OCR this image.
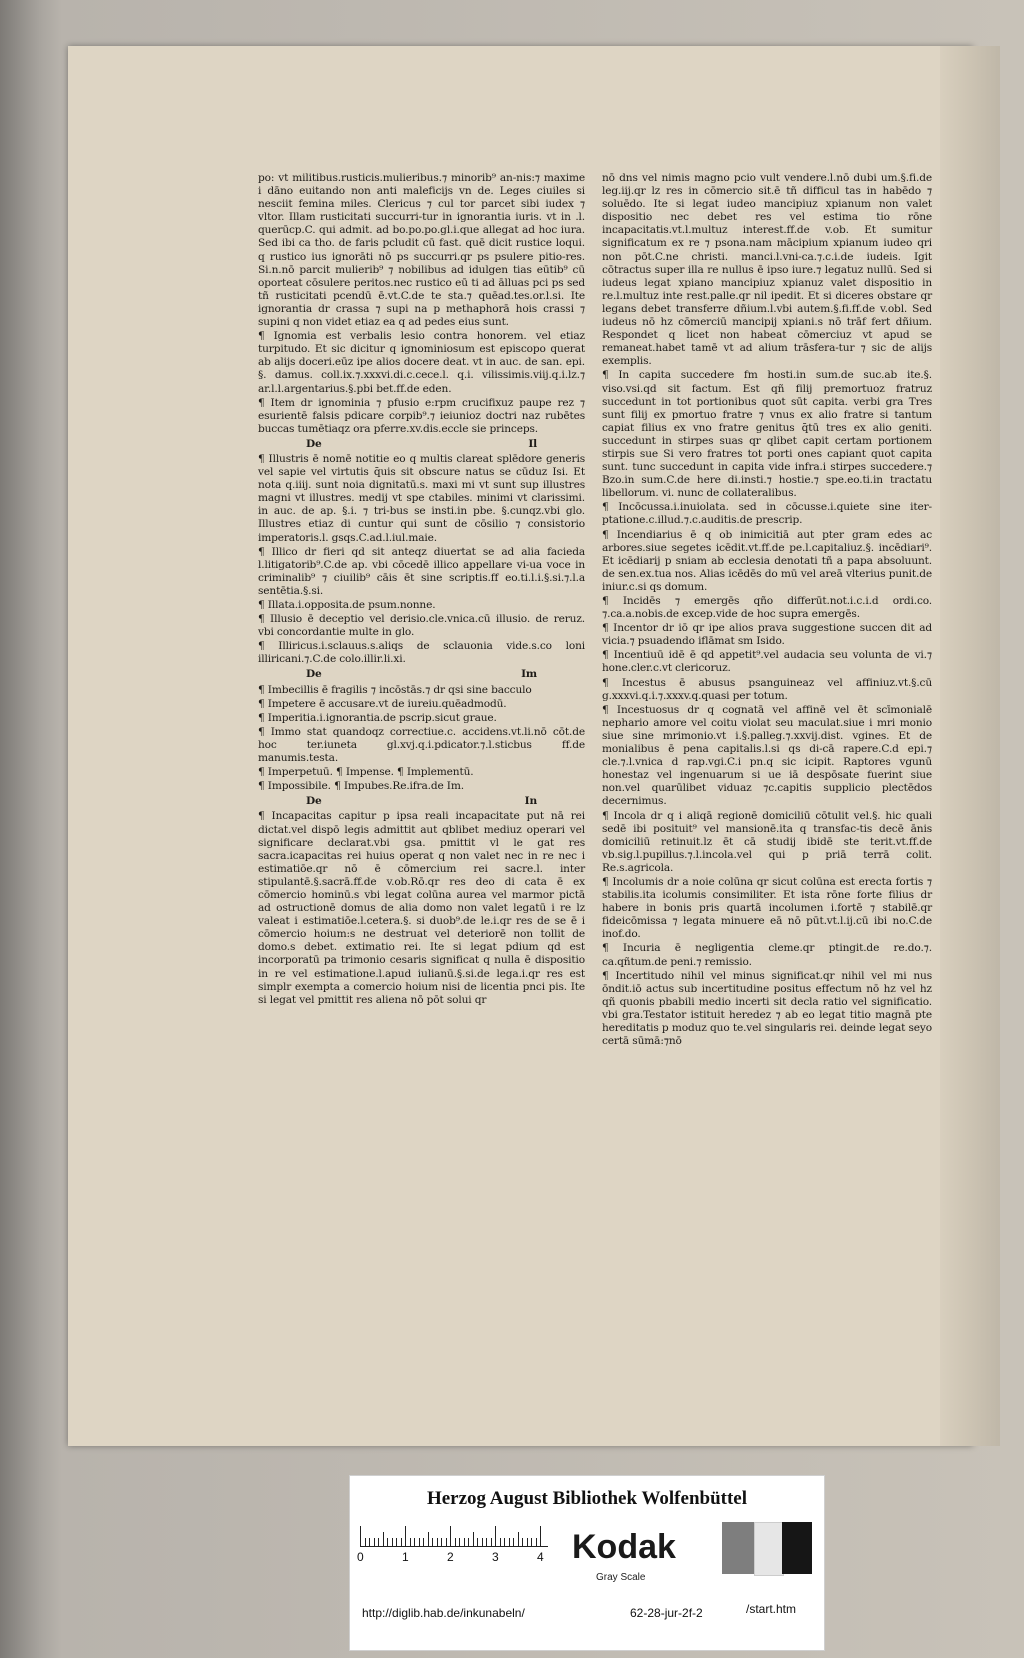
po: vt militibus.rusticis.mulieribus.⁊ minorib⁹ an-nis:⁊ maxime i dāno euitando non anti maleficijs vn de. Leges ciuiles si nesciit femina miles. Clericus ⁊ cul tor parcet sibi iudex ⁊ vltor. Illam rusticitati succurri-tur in ignorantia iuris. vt in .l. querūcp.C. qui admit. ad bo.po.po.gl.i.que allegat ad hoc iura. Sed ibi ca tho. de faris pcludit cū fast. quē dicit rustice loqui. q rustico ius ignorāti nō ps succurri.qr ps psulere pitio-res. Si.n.nō parcit mulierib⁹ ⁊ nobilibus ad idulgen tias eūtib⁹ cū oporteat cōsulere peritos.nec rustico eū ti ad ālluas pci ps sed tñ rusticitati pcendū ē.vt.C.de te sta.⁊ quēad.tes.or.l.si. Ite ignorantia dr crassa ⁊ supi na p methaphorā hois crassi ⁊ supini q non videt etiaz ea q ad pedes eius sunt.

¶ Ignomia est verbalis lesio contra honorem. vel etiaz turpitudo. Et sic dicitur q ignominiosum est episcopo querat ab alijs doceri.eūz ipe alios docere deat. vt in auc. de san. epi. §. damus. coll.ix.⁊.xxxvi.di.c.cece.l. q.i. vilissimis.viij.q.i.lz.⁊ ar.l.l.argentarius.§.pbi bet.ff.de eden.

¶ Item dr ignominia ⁊ pfusio e:rpm crucifixuz paupe rez ⁊ esurientē falsis pdicare corpib⁹.⁊ ieiunioz doctri naz rubētes buccas tumētiaqz ora pferre.xv.dis.eccle sie princeps.

De	Il

¶ Illustris ē nomē notitie eo q multis clareat splēdore generis vel sapie vel virtutis q̄uis sit obscure natus se cūduz Isi. Et nota q.iiij. sunt noia dignitatū.s. maxi mi vt sunt sup illustres magni vt illustres. medij vt spe ctabiles. minimi vt clarissimi. in auc. de ap. §.i. ⁊ tri-bus se insti.in pbe. §.cunqz.vbi glo. Illustres etiaz di cuntur qui sunt de cōsilio ⁊ consistorio imperatoris.l. gsqs.C.ad.l.iul.maie.

¶ Illico dr fieri qd sit anteqz diuertat se ad alia facieda l.litigatorib⁹.C.de ap. vbi cōcedē illico appellare vi-ua voce in criminalib⁹ ⁊ ciuilib⁹ cāis ēt sine scriptis.ff eo.ti.l.i.§.si.⁊.l.a sentētia.§.si.

¶ Illata.i.opposita.de psum.nonne.

¶ Illusio ē deceptio vel derisio.cle.vnica.cū illusio. de reruz. vbi concordantie multe in glo.

¶ Illiricus.i.sclauus.s.aliqs de sclauonia vide.s.co loni illiricani.⁊.C.de colo.illir.li.xi.

De	Im

¶ Imbecillis ē fragilis ⁊ incōstās.⁊ dr qsi sine bacculo

¶ Impetere ē accusare.vt de iureiu.quēadmodū.

¶ Imperitia.i.ignorantia.de pscrip.sicut graue.

¶ Immo stat quandoqz correctiue.c. accidens.vt.li.nō cōt.de hoc ter.iuneta gl.xvj.q.i.pdicator.⁊.l.sticbus ff.de manumis.testa.

¶ Imperpetuū. ¶ Impense. ¶ Implementū.

¶ Impossibile. ¶ Impubes.Re.ifra.de Im.

De	In

¶ Incapacitas capitur p ipsa reali incapacitate put nā rei dictat.vel dispō legis admittit aut qblibet mediuz operari vel significare declarat.vbi gsa. pmittit vl le gat res sacra.icapacitas rei huius operat q non valet nec in re nec i estimatiōe.qr nō ē cōmercium rei sacre.l. inter stipulantē.§.sacrā.ff.de v.ob.Rō.qr res deo di cata ē ex cōmercio hominū.s vbi legat colūna aurea vel marmor pictā ad ostructionē domus de alia domo non valet legatū i re lz valeat i estimatiōe.l.cetera.§. si duob⁹.de le.i.qr res de se ē i cōmercio hoium:s ne destruat vel deteriorē non tollit de domo.s debet. extimatio rei. Ite si legat pdium qd est incorporatū pa trimonio cesaris significat q nulla ē dispositio in re vel estimatione.l.apud iulianū.§.si.de lega.i.qr res est simplr exempta a comercio hoium nisi de licentia pnci pis. Ite si legat vel pmittit res aliena nō pōt solui qr

nō dns vel nimis magno pcio vult vendere.l.nō dubi um.§.fi.de leg.iij.qr lz res in cōmercio sit.ē tñ difficul tas in habēdo ⁊ soluēdo. Ite si legat iudeo mancipiuz xpianum non valet dispositio nec debet res vel estima tio rōne incapacitatis.vt.l.multuz interest.ff.de v.ob. Et sumitur significatum ex re ⁊ psona.nam mācipium xpianum iudeo qri non pōt.C.ne christi. manci.l.vni-ca.⁊.c.i.de iudeis. Igit cōtractus super illa re nullus ē ipso iure.⁊ legatuz nullū. Sed si iudeus legat xpiano mancipiuz xpianuz valet dispositio in re.l.multuz inte rest.palle.qr nil ipedit. Et si diceres obstare qr legans debet transferre dñium.l.vbi autem.§.fi.ff.de v.obl. Sed iudeus nō hz cōmerciū mancipij xpiani.s nō trāf fert dñium. Respondet q licet non habeat cōmerciuz vt apud se remaneat.habet tamē vt ad alium trāsfera-tur ⁊ sic de alijs exemplis.

¶ In capita succedere fm hosti.in sum.de suc.ab ite.§. viso.vsi.qd sit factum. Est qñ filij premortuoz fratruz succedunt in tot portionibus quot sūt capita. verbi gra Tres sunt filij ex pmortuo fratre ⁊ vnus ex alio fratre si tantum capiat filius ex vno fratre genitus q̄tū tres ex alio geniti. succedunt in stirpes suas qr qlibet capit certam portionem stirpis sue Si vero fratres tot porti ones capiant quot capita sunt. tunc succedunt in capita vide infra.i stirpes succedere.⁊ Bzo.in sum.C.de here di.insti.⁊ hostie.⁊ spe.eo.ti.in tractatu libellorum. vi. nunc de collateralibus.

¶ Incōcussa.i.inuiolata. sed in cōcusse.i.quiete sine iter-ptatione.c.illud.⁊.c.auditis.de prescrip.

¶ Incendiarius ē q ob inimicitiā aut pter gram edes ac arbores.siue segetes icēdit.vt.ff.de pe.l.capitaliuz.§. incēdiari⁹. Et icēdiarij p sniam ab ecclesia denotati tñ a papa absoluunt. de sen.ex.tua nos. Alias icēdēs do mū vel areā vlterius punit.de iniur.c.si qs domum.

¶ Incidēs ⁊ emergēs qño differūt.not.i.c.i.d ordi.co. ⁊.ca.a.nobis.de excep.vide de hoc supra emergēs.

¶ Incentor dr iō qr ipe alios prava suggestione succen dit ad vicia.⁊ psuadendo iflāmat sm Isido.

¶ Incentiuū idē ē qd appetit⁹.vel audacia seu volunta de vi.⁊ hone.cler.c.vt clericoruz.

¶ Incestus ē abusus psanguineaz vel affiniuz.vt.§.cū g.xxxvi.q.i.⁊.xxxv.q.quasi per totum.

¶ Incestuosus dr q cognatā vel affinē vel ēt scīmonialē nephario amore vel coitu violat seu maculat.siue i mri monio siue sine mrimonio.vt i.§.palleg.⁊.xxvij.dist. vgines. Et de monialibus ē pena capitalis.l.si qs di-cā rapere.C.d epi.⁊ cle.⁊.l.vnica d rap.vgi.C.i pn.q sic icipit. Raptores vgunū honestaz vel ingenuarum si ue iā despōsate fuerint siue non.vel quarūlibet viduaz ⁊c.capitis supplicio plectēdos decernimus.

¶ Incola dr q i aliqā regionē domiciliū cōtulit vel.§. hic quali sedē ibi posituit⁹ vel mansionē.ita q transfac-tis decē ānis domiciliū retinuit.lz ēt cā studij ibidē ste terit.vt.ff.de vb.sig.l.pupillus.⁊.l.incola.vel qui p priā terrā colit. Re.s.agricola.

¶ Incolumis dr a noie colūna qr sicut colūna est erecta fortis ⁊ stabilis.ita icolumis consimiliter. Et ista rōne forte filius dr habere in bonis pris quartā incolumen i.fortē ⁊ stabilē.qr fideicōmissa ⁊ legata minuere eā nō pūt.vt.l.ij.cū ibi no.C.de inof.do.

¶ Incuria ē negligentia cleme.qr ptingit.de re.do.⁊. ca.qñtum.de peni.⁊ remissio.

¶ Incertitudo nihil vel minus significat.qr nihil vel mi nus ōndit.iō actus sub incertitudine positus effectum nō hz vel hz qñ quonis pbabili medio incerti sit decla ratio vel significatio. vbi gra.Testator istituit heredez ⁊ ab eo legat titio magnā pte hereditatis p moduz quo te.vel singularis rei. deinde legat seyo certā sūmā:⁊nō

Herzog August Bibliothek Wolfenbüttel
0	1	2	3	4 Kodak
Gray Scale
http://diglib.hab.de/inkunabeln/	62-28-jur-2f-2	/start.htm
